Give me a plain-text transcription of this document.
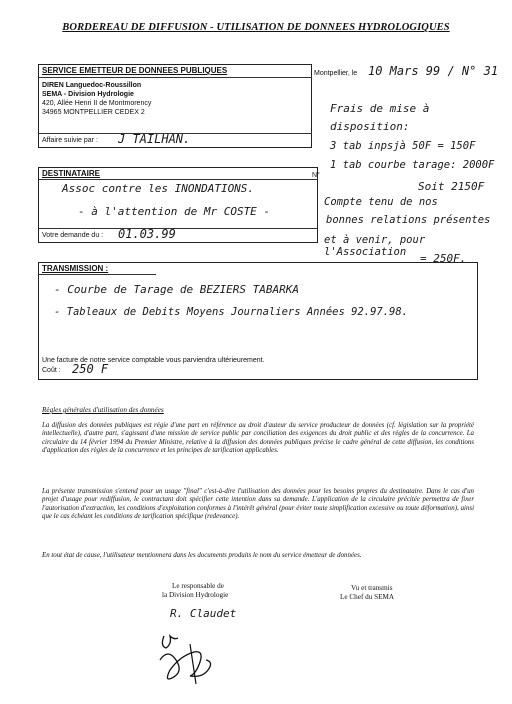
BORDEREAU DE DIFFUSION - UTILISATION DE DONNEES HYDROLOGIQUES
SERVICE EMETTEUR DE DONNEES PUBLIQUES
DIREN Languedoc-Roussillon
SEMA - Division Hydrologie
420, Allée Henri II de Montmorency
34965 MONTPELLIER CEDEX 2
Affaire suivie par : J TAILHAN.
Montpellier, le 10 Mars 99 / N° 31
Frais de mise à
disposition:
3 tab inpsjà 50F = 150F
1 tab courbe tarage: 2000F
Soit 2150F
Compte tenu de nos
bonnes relations présentes
et à venir, pour l'Association	= 250F.
DESTINATAIRE	N°
Assoc contre les INONDATIONS.
- à l'attention de Mr COSTE -
Votre demande du : 01.03.99
TRANSMISSION :
- Courbe de Tarage de BEZIERS TABARKA
- Tableaux de Debits Moyens Journaliers Années 92.97.98.
Une facture de notre service comptable vous parviendra ultérieurement.
Coût : 250 F
Règles générales d'utilisation des données
La diffusion des données publiques est régie d'une part en référence au droit d'auteur du service producteur de données (cf. législation sur la propriété intellectuelle), d'autre part, s'agissant d'une mission de service public par conciliation des exigences du droit public et des règles de la concurrence. La circulaire du 14 février 1994 du Premier Ministre, relative à la diffusion des données publiques précise le cadre général de cette diffusion, les conditions d'application des règles de la concurrence et les principes de tarification applicables.
La présente transmission s'entend pour un usage "final" c'est-à-dire l'utilisation des données pour les besoins propres du destinataire. Dans le cas d'un projet d'usage pour rediffusion, le contractant doit spécifier cette intention dans sa demande. L'application de la circulaire précitée permettra de fixer l'autorisation d'extraction, les conditions d'exploitation conformes à l'intérêt général (pour éviter toute simplification excessive ou toute déformation), ainsi que le cas échéant les conditions de tarification spécifique (redevance).
En tout état de cause, l'utilisateur mentionnera dans les documents produits le nom du service émetteur de données.
Le responsable de
la Division Hydrologie
R. Claudet
Vu et transmis
Le Chef du SEMA
